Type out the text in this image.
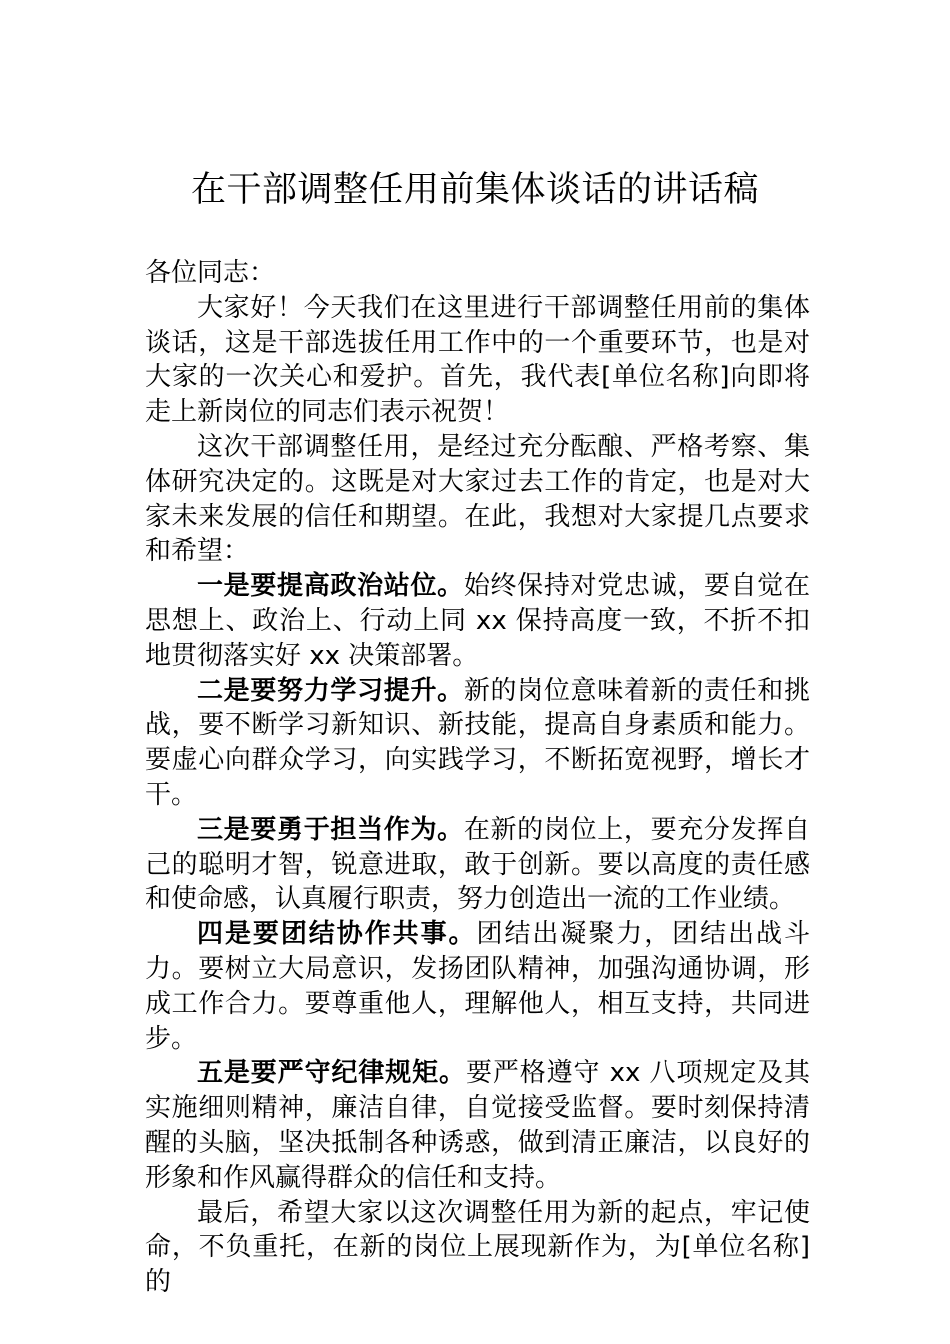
在干部调整任用前集体谈话的讲话稿

各位同志：

大家好！今天我们在这里进行干部调整任用前的集体谈话，这是干部选拔任用工作中的一个重要环节，也是对大家的一次关心和爱护。首先，我代表[单位名称]向即将走上新岗位的同志们表示祝贺！

这次干部调整任用，是经过充分酝酿、严格考察、集体研究决定的。这既是对大家过去工作的肯定，也是对大家未来发展的信任和期望。在此，我想对大家提几点要求和希望：

一是要提高政治站位。始终保持对党忠诚，要自觉在思想上、政治上、行动上同 xx 保持高度一致，不折不扣地贯彻落实好 xx 决策部署。

二是要努力学习提升。新的岗位意味着新的责任和挑战，要不断学习新知识、新技能，提高自身素质和能力。要虚心向群众学习，向实践学习，不断拓宽视野，增长才干。

三是要勇于担当作为。在新的岗位上，要充分发挥自己的聪明才智，锐意进取，敢于创新。要以高度的责任感和使命感，认真履行职责，努力创造出一流的工作业绩。

四是要团结协作共事。团结出凝聚力，团结出战斗力。要树立大局意识，发扬团队精神，加强沟通协调，形成工作合力。要尊重他人，理解他人，相互支持，共同进步。

五是要严守纪律规矩。要严格遵守 xx 八项规定及其实施细则精神，廉洁自律，自觉接受监督。要时刻保持清醒的头脑，坚决抵制各种诱惑，做到清正廉洁，以良好的形象和作风赢得群众的信任和支持。

最后，希望大家以这次调整任用为新的起点，牢记使命，不负重托，在新的岗位上展现新作为，为[单位名称]的
